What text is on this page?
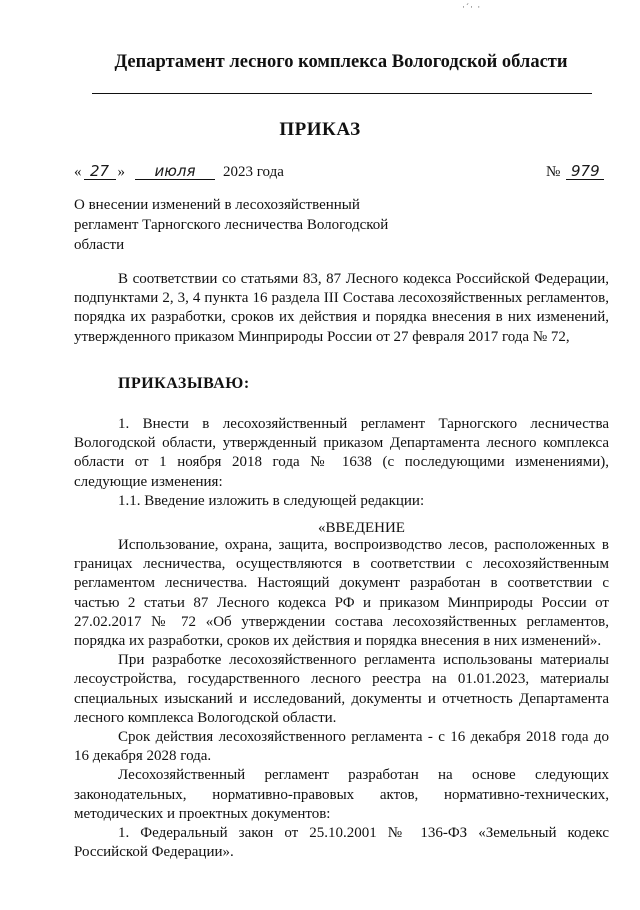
·´· ·
Департамент лесного комплекса Вологодской области
ПРИКАЗ
« 27 » июля 2023 года	№ 979
О внесении изменений в лесохозяйственный регламент Тарногского лесничества Вологодской области

В соответствии со статьями 83, 87 Лесного кодекса Российской Федерации, подпунктами 2, 3, 4 пункта 16 раздела III Состава лесохозяйственных регламентов, порядка их разработки, сроков их действия и порядка внесения в них изменений, утвержденного приказом Минприроды России от 27 февраля 2017 года № 72,

ПРИКАЗЫВАЮ:

1. Внести в лесохозяйственный регламент Тарногского лесничества Вологодской области, утвержденный приказом Департамента лесного комплекса области от 1 ноября 2018 года № 1638 (с последующими изменениями), следующие изменения:

1.1. Введение изложить в следующей редакции:

«ВВЕДЕНИЕ

Использование, охрана, защита, воспроизводство лесов, расположенных в границах лесничества, осуществляются в соответствии с лесохозяйственным регламентом лесничества. Настоящий документ разработан в соответствии с частью 2 статьи 87 Лесного кодекса РФ и приказом Минприроды России от 27.02.2017 № 72 «Об утверждении состава лесохозяйственных регламентов, порядка их разработки, сроков их действия и порядка внесения в них изменений».

При разработке лесохозяйственного регламента использованы материалы лесоустройства, государственного лесного реестра на 01.01.2023, материалы специальных изысканий и исследований, документы и отчетность Департамента лесного комплекса Вологодской области.

Срок действия лесохозяйственного регламента - с 16 декабря 2018 года до 16 декабря 2028 года.

Лесохозяйственный регламент разработан на основе следующих законодательных, нормативно-правовых актов, нормативно-технических, методических и проектных документов:

1. Федеральный закон от 25.10.2001 № 136-ФЗ «Земельный кодекс Российской Федерации».
